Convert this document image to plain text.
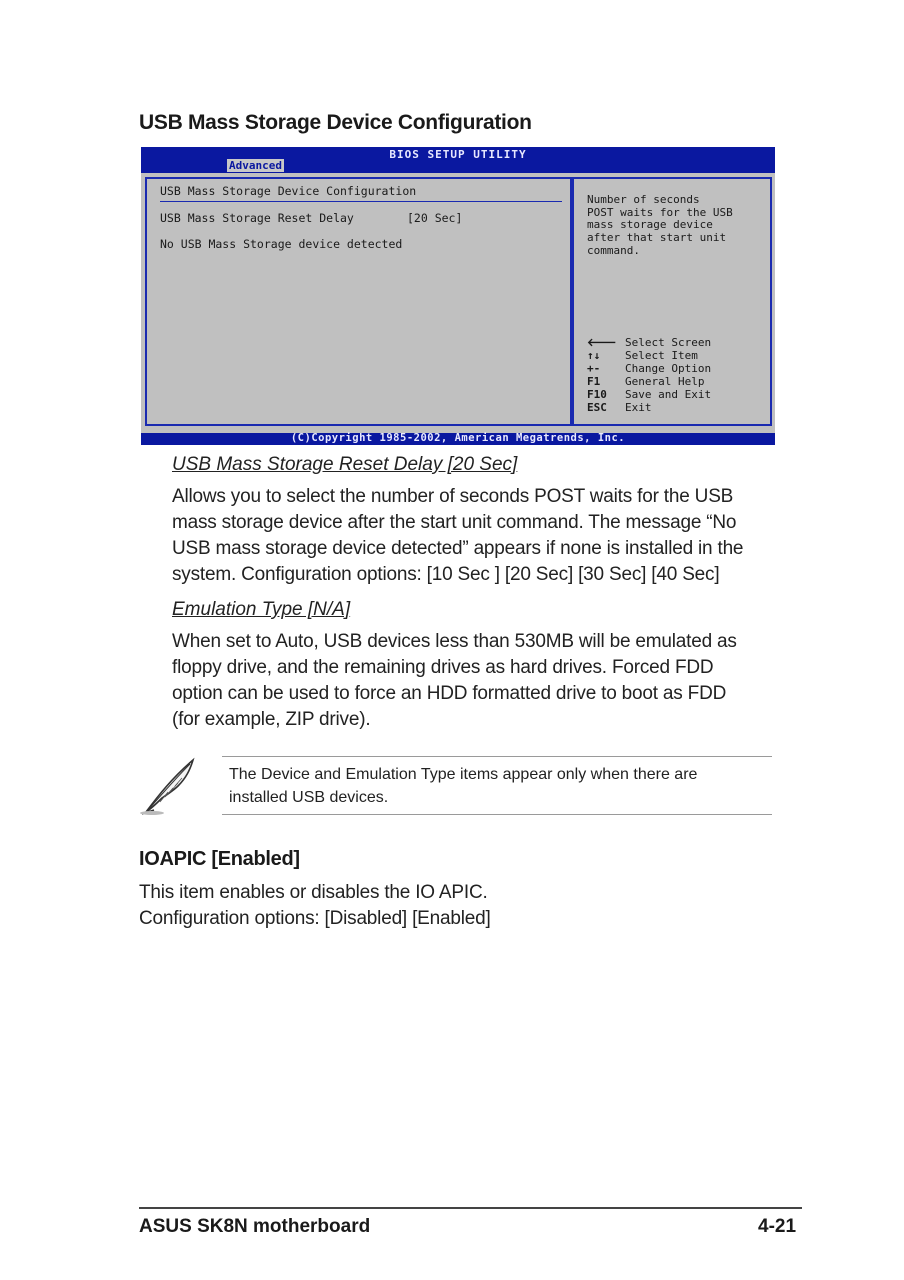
USB Mass Storage Device Configuration
BIOS SETUP UTILITY
Advanced
USB Mass Storage Device Configuration
USB Mass Storage Reset Delay	[20 Sec]
No USB Mass Storage device detected
Number of seconds
POST waits for the USB
mass storage device
after that start unit
command.
🡐 Select Screen
↑↓ Select Item
+- Change Option
F1 General Help
F10 Save and Exit
ESC Exit
(C)Copyright 1985-2002, American Megatrends, Inc.
USB Mass Storage Reset Delay [20 Sec]
Allows you to select the number of seconds POST waits for the USB
mass storage device after the start unit command. The message “No
USB mass storage device detected” appears if none is installed in the
system. Configuration options: [10 Sec ] [20 Sec] [30 Sec] [40 Sec]
Emulation Type [N/A]
When set to Auto, USB devices less than 530MB will be emulated as
floppy drive, and the remaining drives as hard drives. Forced FDD
option can be used to force an HDD formatted drive to boot as FDD
(for example, ZIP drive).
The Device and Emulation Type items appear only when there are
installed USB devices.
IOAPIC [Enabled]
This item enables or disables the IO APIC.
Configuration options: [Disabled] [Enabled]
ASUS SK8N motherboard	4-21
